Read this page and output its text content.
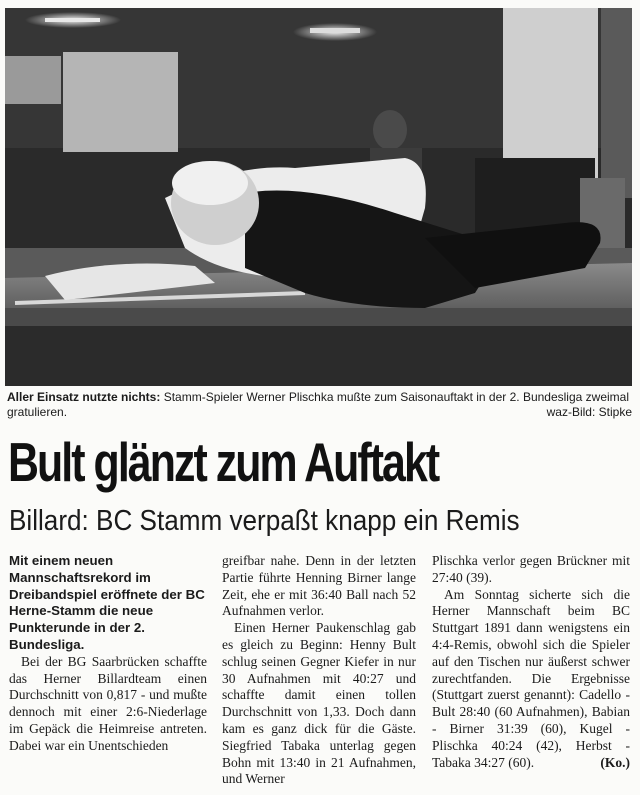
Aller Einsatz nutzte nichts: Stamm-Spieler Werner Plischka mußte zum Saisonauftakt in der 2. Bundesliga zweimal gratulieren.	waz-Bild: Stipke
Bult glänzt zum Auftakt
Billard: BC Stamm verpaßt knapp ein Remis

Mit einem neuen Mannschaftsrekord im Dreibandspiel eröffnete der BC Herne-Stamm die neue Punkterunde in der 2. Bundesliga.

Bei der BG Saarbrücken schaffte das Herner Billardteam einen Durchschnitt von 0,817 - und mußte dennoch mit einer 2:6-Niederlage im Gepäck die Heimreise antreten. Dabei war ein Unentschieden

greifbar nahe. Denn in der letzten Partie führte Henning Birner lange Zeit, ehe er mit 36:40 Ball nach 52 Aufnahmen verlor.

Einen Herner Paukenschlag gab es gleich zu Beginn: Henny Bult schlug seinen Gegner Kiefer in nur 30 Aufnahmen mit 40:27 und schaffte damit einen tollen Durchschnitt von 1,33. Doch dann kam es ganz dick für die Gäste. Siegfried Tabaka unterlag gegen Bohn mit 13:40 in 21 Aufnahmen, und Werner

Plischka verlor gegen Brückner mit 27:40 (39).

Am Sonntag sicherte sich die Herner Mannschaft beim BC Stuttgart 1891 dann wenigstens ein 4:4-Remis, obwohl sich die Spieler auf den Tischen nur äußerst schwer zurechtfanden. Die Ergebnisse (Stuttgart zuerst genannt): Cadello - Bult 28:40 (60 Aufnahmen), Babian - Birner 31:39 (60), Kugel - Plischka 40:24 (42), Herbst - Tabaka 34:27 (60).	(Ko.)
